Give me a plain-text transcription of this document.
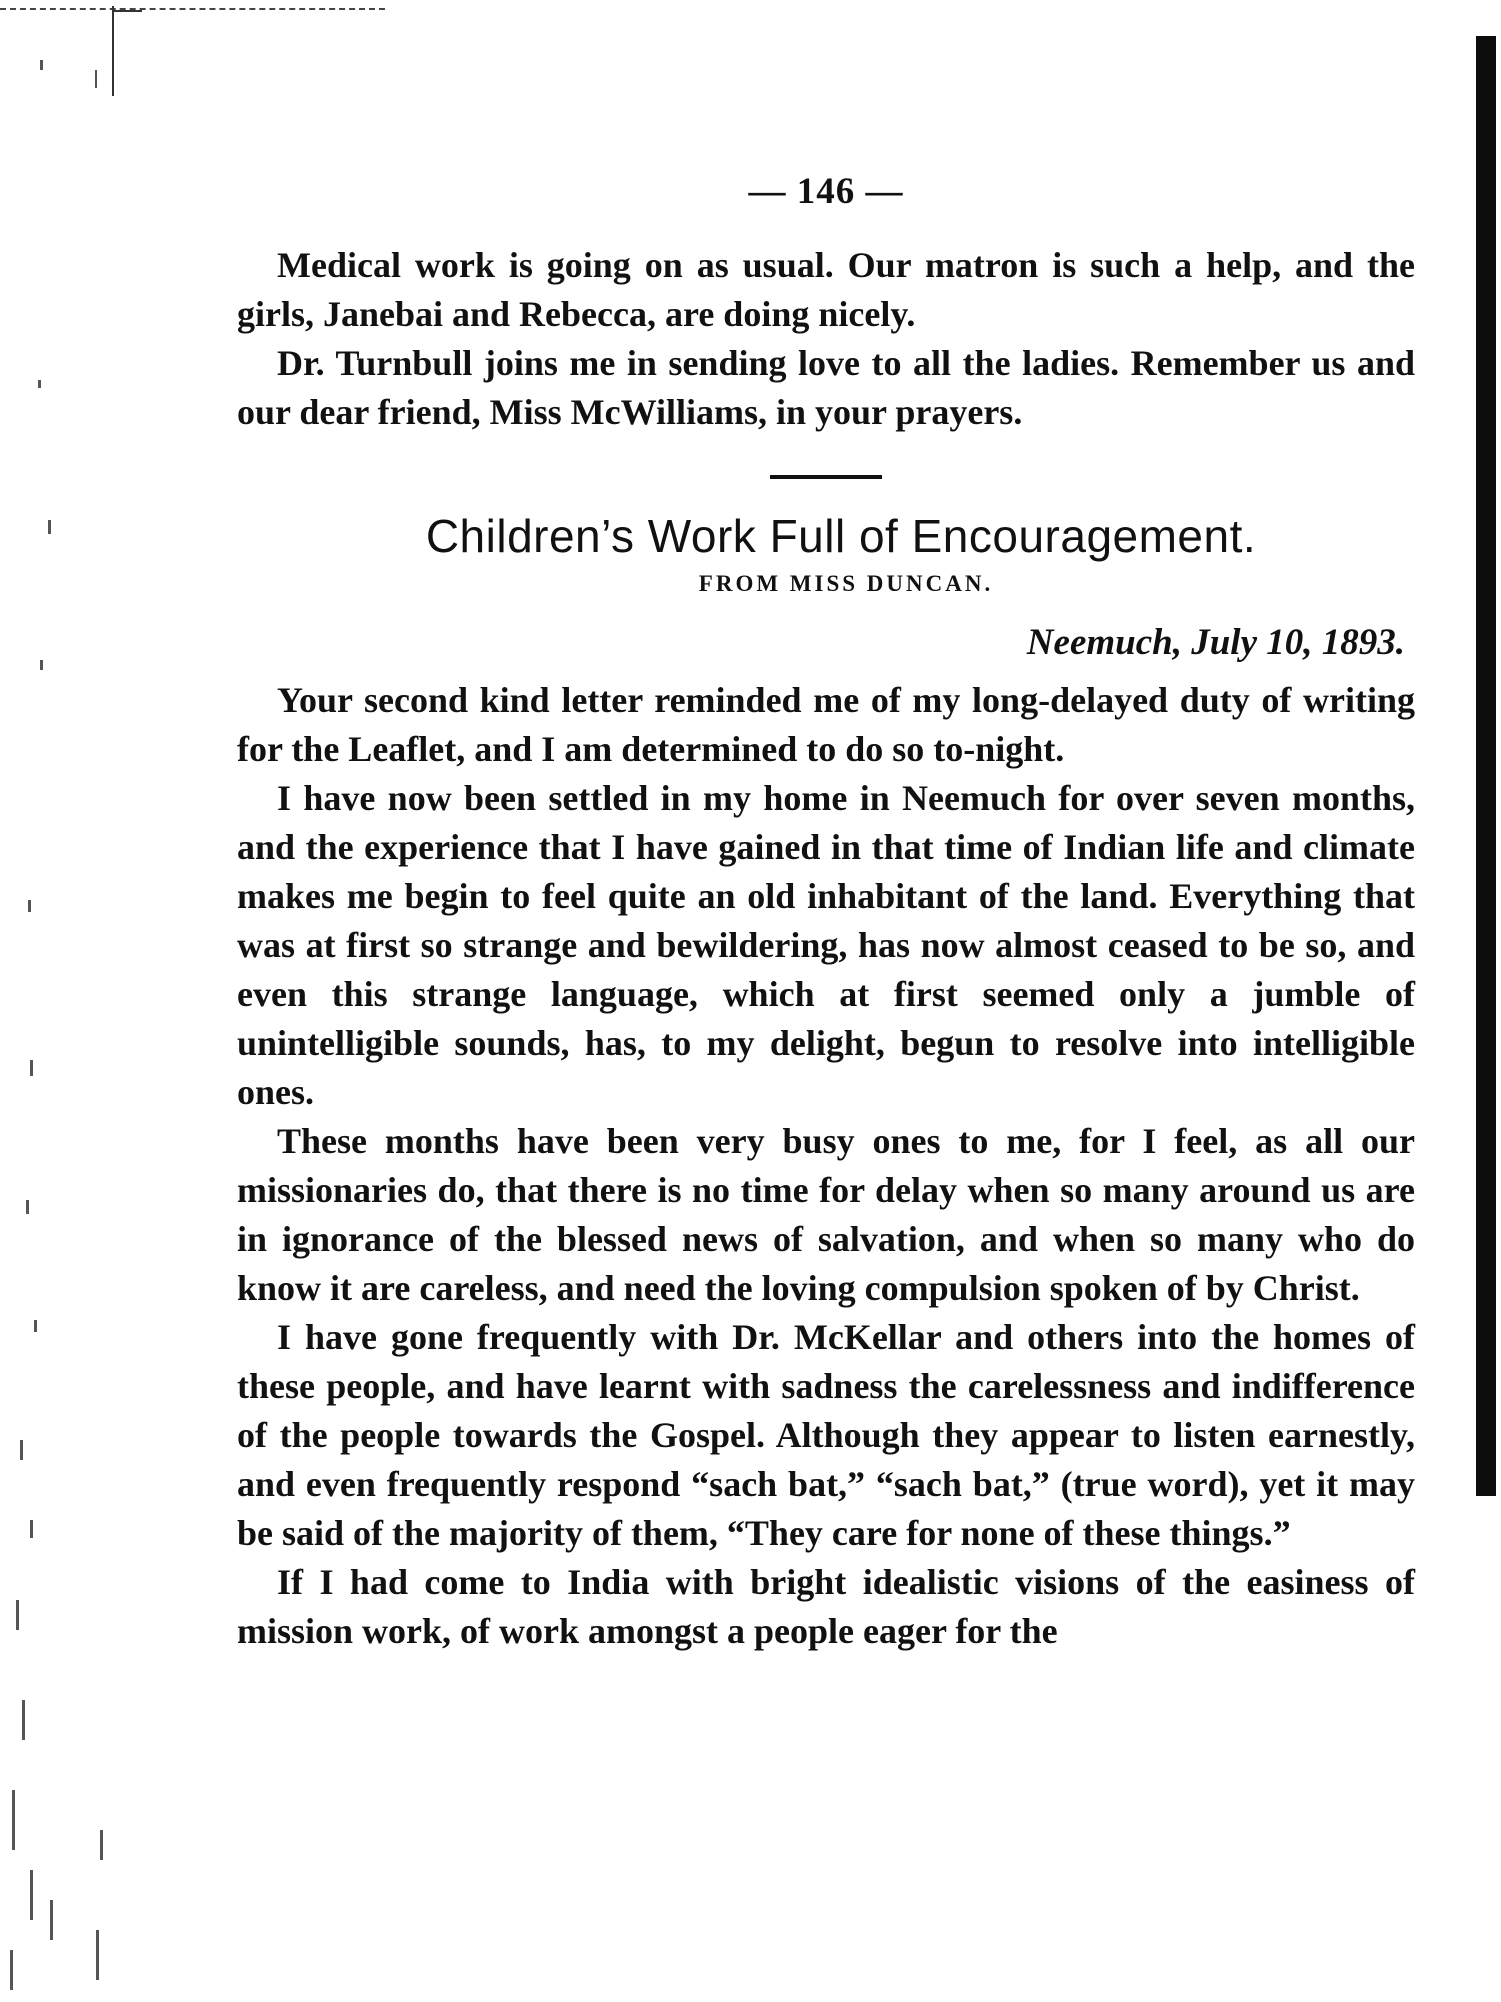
— 146 —

Medical work is going on as usual. Our matron is such a help, and the girls, Janebai and Rebecca, are doing nicely.

Dr. Turnbull joins me in sending love to all the ladies. Remember us and our dear friend, Miss McWilliams, in your prayers.

Children’s Work Full of Encouragement.
FROM MISS DUNCAN.
Neemuch, July 10, 1893.

Your second kind letter reminded me of my long-delayed duty of writing for the Leaflet, and I am determined to do so to-night.

I have now been settled in my home in Neemuch for over seven months, and the experience that I have gained in that time of Indian life and climate makes me begin to feel quite an old inhabitant of the land. Everything that was at first so strange and bewildering, has now almost ceased to be so, and even this strange language, which at first seemed only a jumble of unintelligible sounds, has, to my delight, begun to resolve into intelligible ones.

These months have been very busy ones to me, for I feel, as all our missionaries do, that there is no time for delay when so many around us are in ignorance of the blessed news of salvation, and when so many who do know it are careless, and need the loving compulsion spoken of by Christ.

I have gone frequently with Dr. McKellar and others into the homes of these people, and have learnt with sadness the carelessness and indifference of the people towards the Gospel. Although they appear to listen earnestly, and even frequently respond “sach bat,” “sach bat,” (true word), yet it may be said of the majority of them, “They care for none of these things.”

If I had come to India with bright idealistic visions of the easiness of mission work, of work amongst a people eager for the
